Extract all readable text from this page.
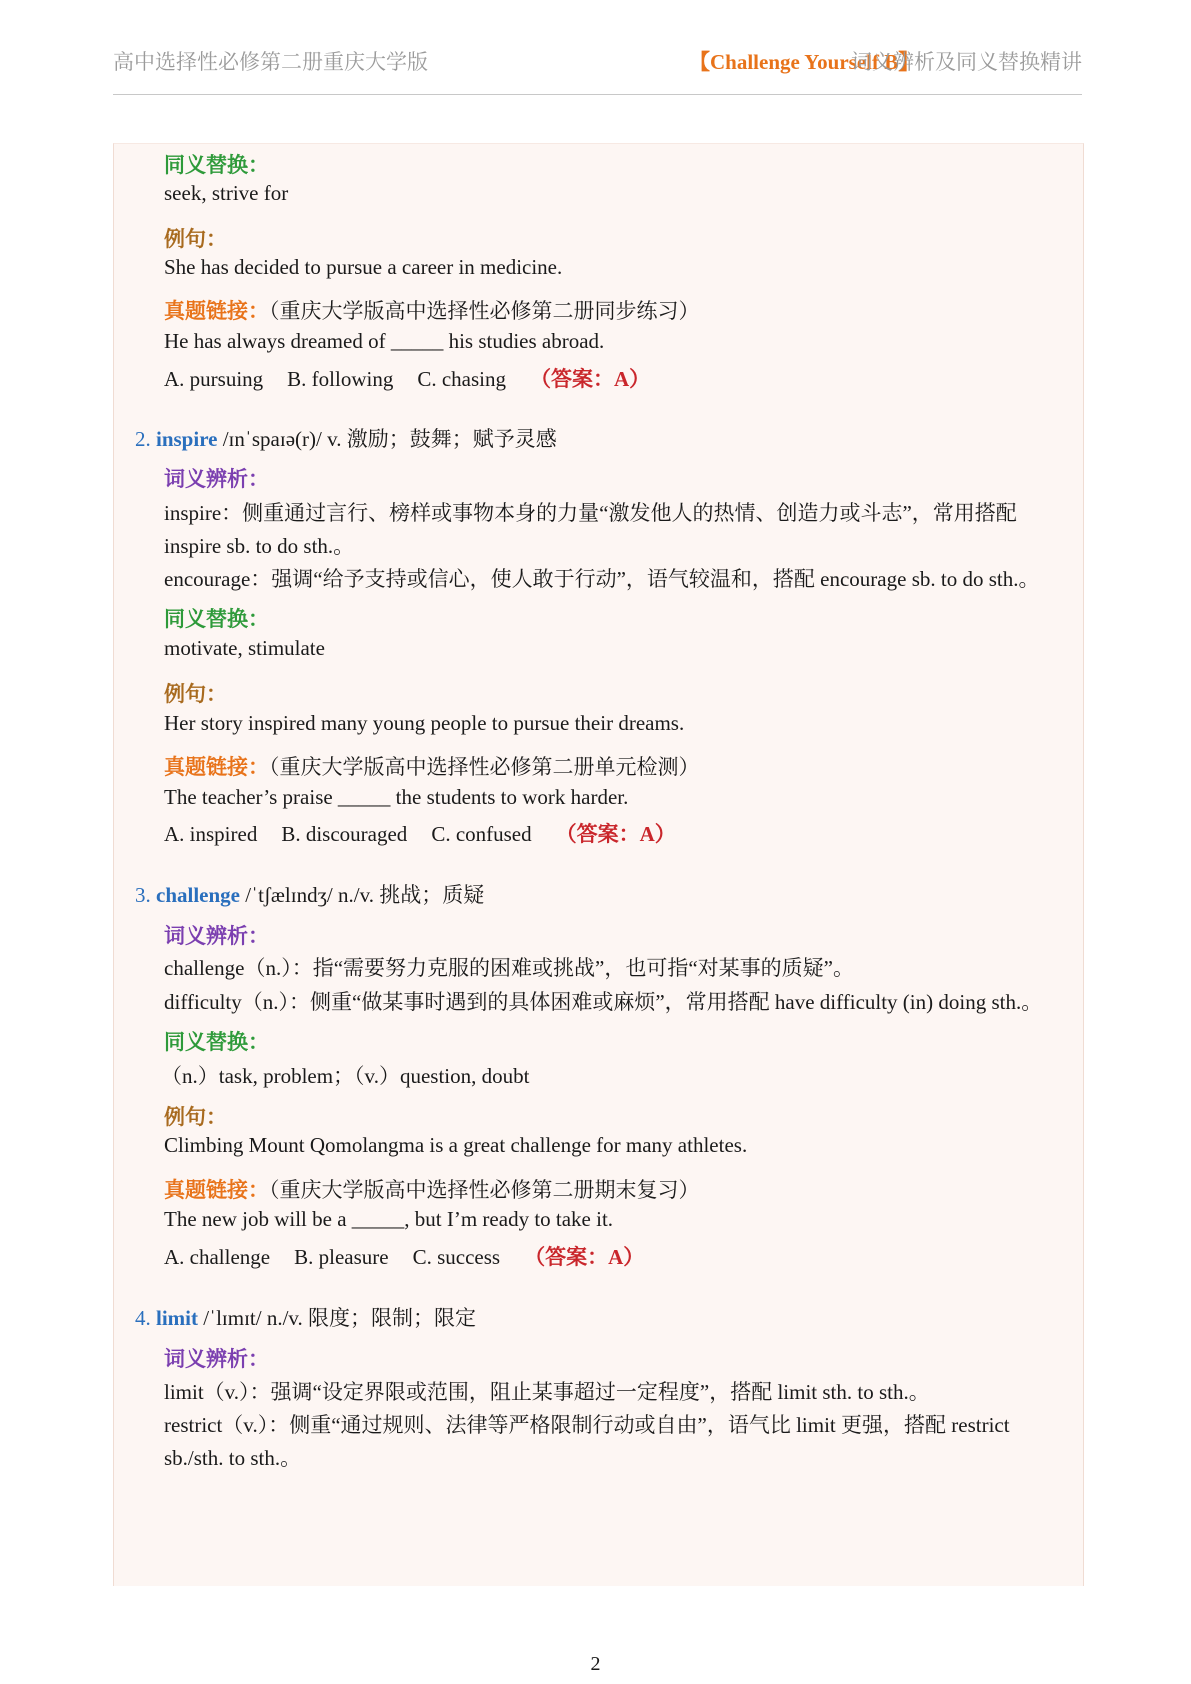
高中选择性必修第二册重庆大学版	【Challenge Yourself B】
词义辨析及同义替换精讲
同义替换：
seek, strive for
例句：
She has decided to pursue a career in medicine.
真题链接：（重庆大学版高中选择性必修第二册同步练习）
He has always dreamed of _____ his studies abroad.
A. pursuing B. following C. chasing （答案：A）
2. inspire /ɪnˈspaɪə(r)/ v. 激励；鼓舞；赋予灵感
词义辨析：
inspire：侧重通过言行、榜样或事物本身的力量“激发他人的热情、创造力或斗志”，常用搭配
inspire sb. to do sth.。
encourage：强调“给予支持或信心，使人敢于行动”，语气较温和，搭配 encourage sb. to do sth.。
同义替换：
motivate, stimulate
例句：
Her story inspired many young people to pursue their dreams.
真题链接：（重庆大学版高中选择性必修第二册单元检测）
The teacher’s praise _____ the students to work harder.
A. inspired B. discouraged C. confused （答案：A）
3. challenge /ˈtʃælɪndʒ/ n./v. 挑战；质疑
词义辨析：
challenge（n.）：指“需要努力克服的困难或挑战”，也可指“对某事的质疑”。
difficulty（n.）：侧重“做某事时遇到的具体困难或麻烦”，常用搭配 have difficulty (in) doing sth.。
同义替换：
（n.）task, problem；（v.）question, doubt
例句：
Climbing Mount Qomolangma is a great challenge for many athletes.
真题链接：（重庆大学版高中选择性必修第二册期末复习）
The new job will be a _____, but I’m ready to take it.
A. challenge B. pleasure C. success （答案：A）
4. limit /ˈlɪmɪt/ n./v. 限度；限制；限定
词义辨析：
limit（v.）：强调“设定界限或范围，阻止某事超过一定程度”，搭配 limit sth. to sth.。
restrict（v.）：侧重“通过规则、法律等严格限制行动或自由”，语气比 limit 更强，搭配 restrict
sb./sth. to sth.。
2
